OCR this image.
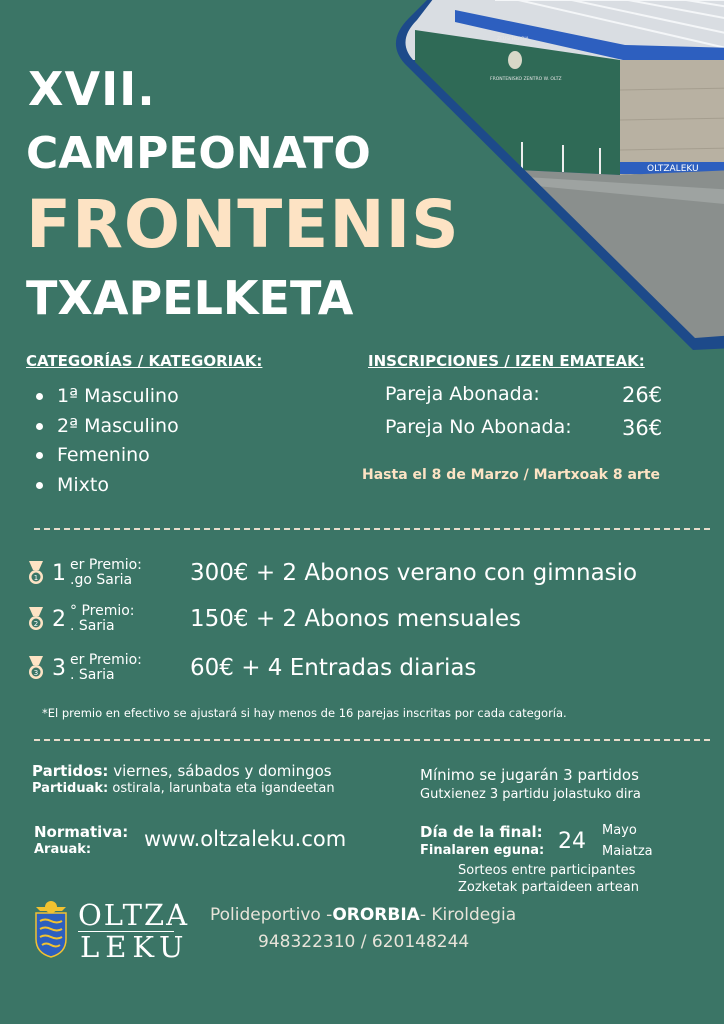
XVII.
CAMPEONATO
FRONTENIS
TXAPELKETA
ZEUSI HERRIA
FRONTENISKO ZENTRO W. OLTZ
OLTZALEKU
CATEGORÍAS / KATEGORIAK:
1ª Masculino
2ª Masculino
Femenino
Mixto
INSCRIPCIONES / IZEN EMATEAK:
Pareja Abonada:	26€
Pareja No Abonada: 36€
Hasta el 8 de Marzo / Martxoak 8 arte
1 1 er Premio:
.go Saria	300€ + 2 Abonos verano con gimnasio
2 2 ° Premio:
. Saria	150€ + 2 Abonos mensuales
3 3 er Premio:
. Saria	60€ + 4 Entradas diarias
*El premio en efectivo se ajustará si hay menos de 16 parejas inscritas por cada categoría.
Partidos: viernes, sábados y domingos
Partiduak: ostirala, larunbata eta igandeetan
Mínimo se jugarán 3 partidos
Gutxienez 3 partidu jolastuko dira
Normativa:
Arauak:	www.oltzaleku.com	Día de la final:
Finalaren eguna: 24 Mayo
Maiatza
Sorteos entre participantes
Zozketak partaideen artean
OLTZA
LEKU
Polideportivo -ORORBIA- Kiroldegia
948322310 / 620148244
